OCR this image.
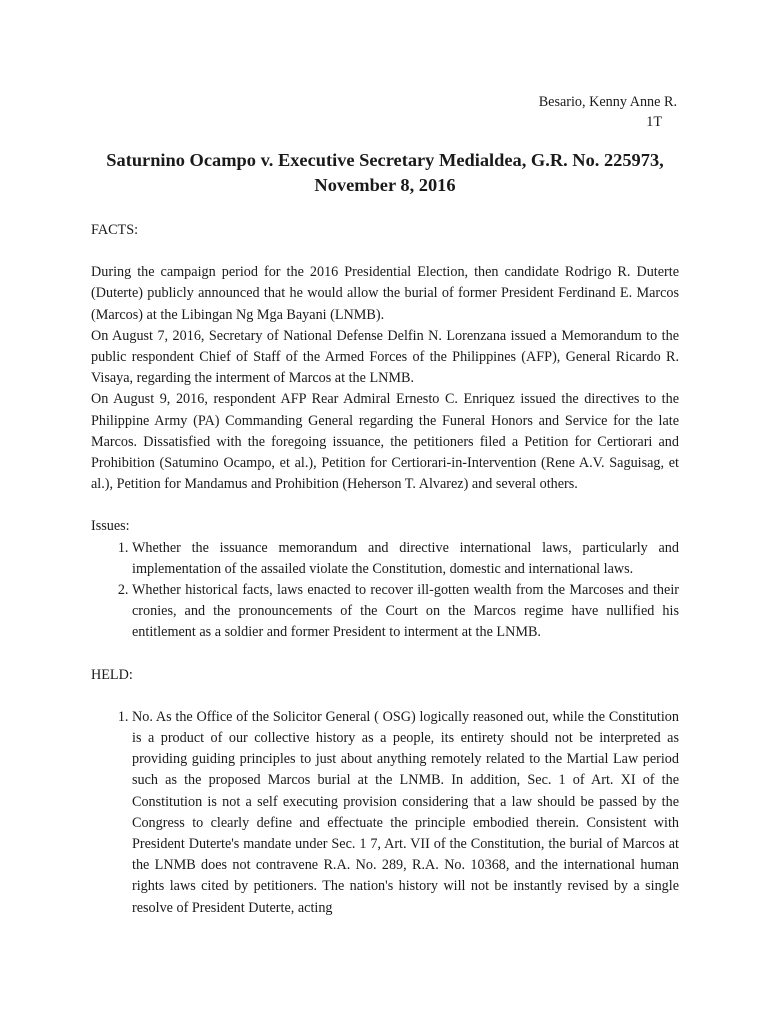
Besario, Kenny Anne R.
1T
Saturnino Ocampo v. Executive Secretary Medialdea, G.R. No. 225973,
November 8, 2016
FACTS:

During the campaign period for the 2016 Presidential Election, then candidate Rodrigo R. Duterte (Duterte) publicly announced that he would allow the burial of former President Ferdinand E. Marcos (Marcos) at the Libingan Ng Mga Bayani (LNMB).

On August 7, 2016, Secretary of National Defense Delfin N. Lorenzana issued a Memorandum to the public respondent Chief of Staff of the Armed Forces of the Philippines (AFP), General Ricardo R. Visaya, regarding the interment of Marcos at the LNMB.

On August 9, 2016, respondent AFP Rear Admiral Ernesto C. Enriquez issued the directives to the Philippine Army (PA) Commanding General regarding the Funeral Honors and Service for the late Marcos. Dissatisfied with the foregoing issuance, the petitioners filed a Petition for Certiorari and Prohibition (Satumino Ocampo, et al.), Petition for Certiorari-in-Intervention (Rene A.V. Saguisag, et al.), Petition for Mandamus and Prohibition (Heherson T. Alvarez) and several others.

Issues:
1. Whether the issuance memorandum and directive international laws, particularly and implementation of the assailed violate the Constitution, domestic and international laws.
2. Whether historical facts, laws enacted to recover ill-gotten wealth from the Marcoses and their cronies, and the pronouncements of the Court on the Marcos regime have nullified his entitlement as a soldier and former President to interment at the LNMB.
HELD:
1. No. As the Office of the Solicitor General ( OSG) logically reasoned out, while the Constitution is a product of our collective history as a people, its entirety should not be interpreted as providing guiding principles to just about anything remotely related to the Martial Law period such as the proposed Marcos burial at the LNMB. In addition, Sec. 1 of Art. XI of the Constitution is not a self executing provision considering that a law should be passed by the Congress to clearly define and effectuate the principle embodied therein. Consistent with President Duterte's mandate under Sec. 1 7, Art. VII of the Constitution, the burial of Marcos at the LNMB does not contravene R.A. No. 289, R.A. No. 10368, and the international human rights laws cited by petitioners. The nation's history will not be instantly revised by a single resolve of President Duterte, acting
